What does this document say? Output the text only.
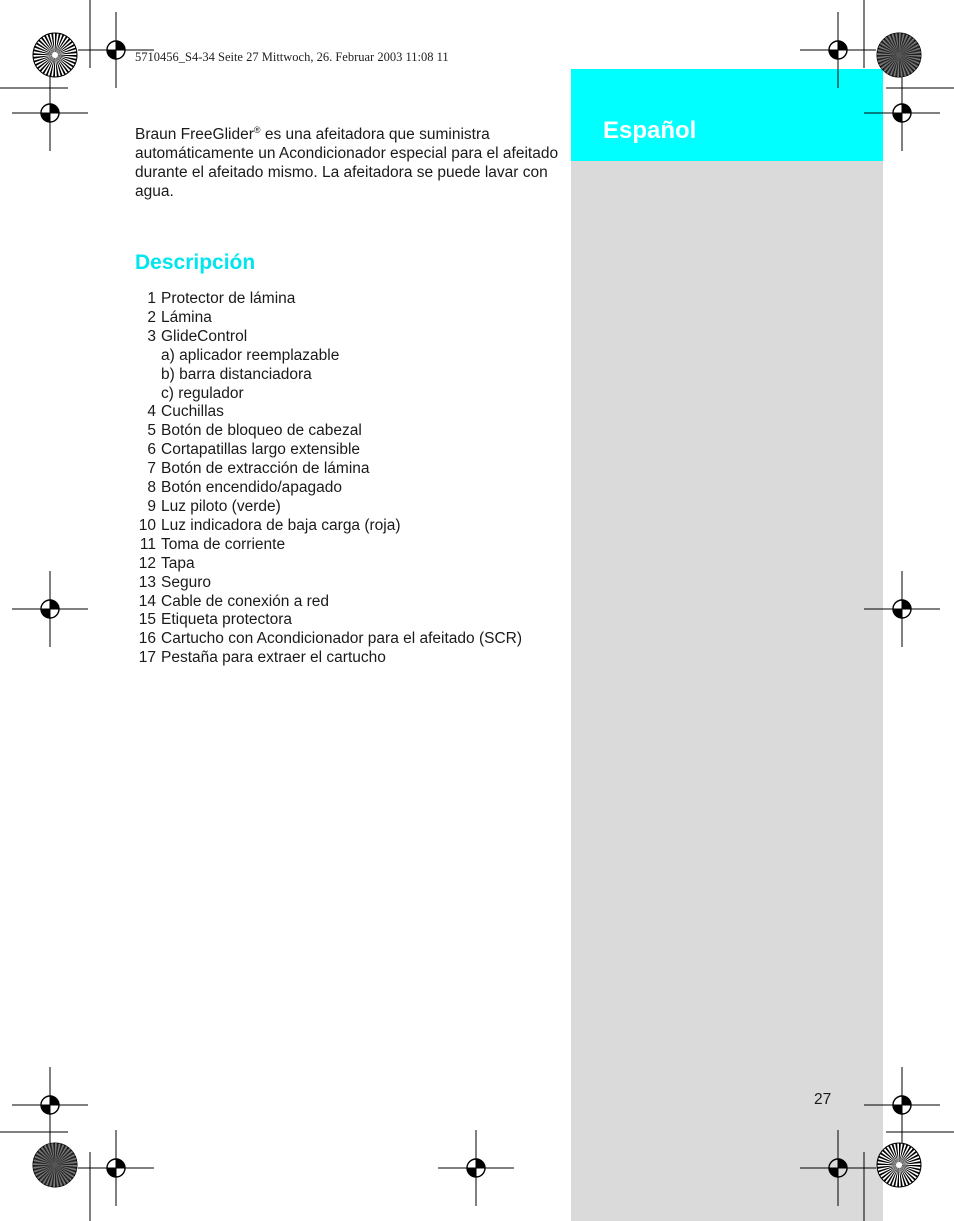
Español
5710456_S4-34 Seite 27 Mittwoch, 26. Februar 2003 11:08 11

Braun FreeGlider® es una afeitadora que suministra automáticamente un Acondicionador especial para el afeitado durante el afeitado mismo. La afeitadora se puede lavar con agua.

Descripción
1 Protector de lámina
2 Lámina
3 GlideControl
a) aplicador reemplazable
b) barra distanciadora
c) regulador
4 Cuchillas
5 Botón de bloqueo de cabezal
6 Cortapatillas largo extensible
7 Botón de extracción de lámina
8 Botón encendido/apagado
9 Luz piloto (verde)
10 Luz indicadora de baja carga (roja)
11 Toma de corriente
12 Tapa
13 Seguro
14 Cable de conexión a red
15 Etiqueta protectora
16 Cartucho con Acondicionador para el afeitado (SCR)
17 Pestaña para extraer el cartucho
27
